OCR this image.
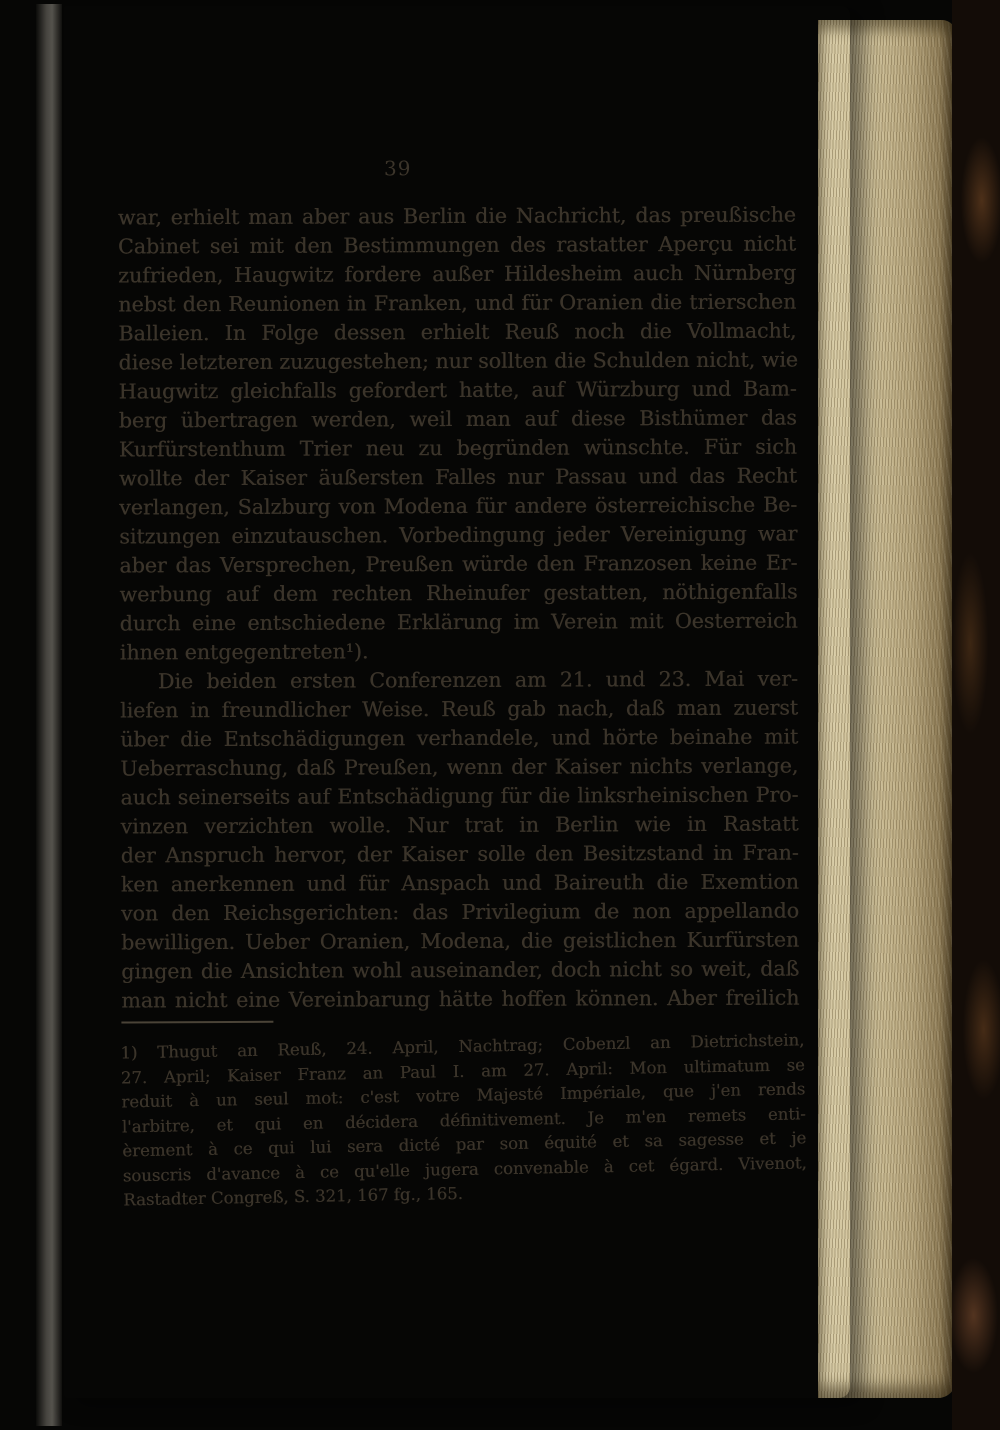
39
war, erhielt man aber aus Berlin die Nachricht, das preußische
Cabinet sei mit den Bestimmungen des rastatter Aperçu nicht
zufrieden, Haugwitz fordere außer Hildesheim auch Nürnberg
nebst den Reunionen in Franken, und für Oranien die trierschen
Balleien. In Folge dessen erhielt Reuß noch die Vollmacht,
diese letzteren zuzugestehen; nur sollten die Schulden nicht, wie
Haugwitz gleichfalls gefordert hatte, auf Würzburg und Bam-
berg übertragen werden, weil man auf diese Bisthümer das
Kurfürstenthum Trier neu zu begründen wünschte. Für sich
wollte der Kaiser äußersten Falles nur Passau und das Recht
verlangen, Salzburg von Modena für andere österreichische Be-
sitzungen einzutauschen. Vorbedingung jeder Vereinigung war
aber das Versprechen, Preußen würde den Franzosen keine Er-
werbung auf dem rechten Rheinufer gestatten, nöthigenfalls
durch eine entschiedene Erklärung im Verein mit Oesterreich
ihnen entgegentreten¹).
Die beiden ersten Conferenzen am 21. und 23. Mai ver-
liefen in freundlicher Weise. Reuß gab nach, daß man zuerst
über die Entschädigungen verhandele, und hörte beinahe mit
Ueberraschung, daß Preußen, wenn der Kaiser nichts verlange,
auch seinerseits auf Entschädigung für die linksrheinischen Pro-
vinzen verzichten wolle. Nur trat in Berlin wie in Rastatt
der Anspruch hervor, der Kaiser solle den Besitzstand in Fran-
ken anerkennen und für Anspach und Baireuth die Exemtion
von den Reichsgerichten: das Privilegium de non appellando
bewilligen. Ueber Oranien, Modena, die geistlichen Kurfürsten
gingen die Ansichten wohl auseinander, doch nicht so weit, daß
man nicht eine Vereinbarung hätte hoffen können. Aber freilich
1) Thugut an Reuß, 24. April, Nachtrag; Cobenzl an Dietrichstein,
27. April; Kaiser Franz an Paul I. am 27. April: Mon ultimatum se
reduit à un seul mot: c'est votre Majesté Impériale, que j'en rends
l'arbitre, et qui en décidera définitivement. Je m'en remets enti-
èrement à ce qui lui sera dicté par son équité et sa sagesse et je
souscris d'avance à ce qu'elle jugera convenable à cet égard. Vivenot,
Rastadter Congreß, S. 321, 167 fg., 165.
